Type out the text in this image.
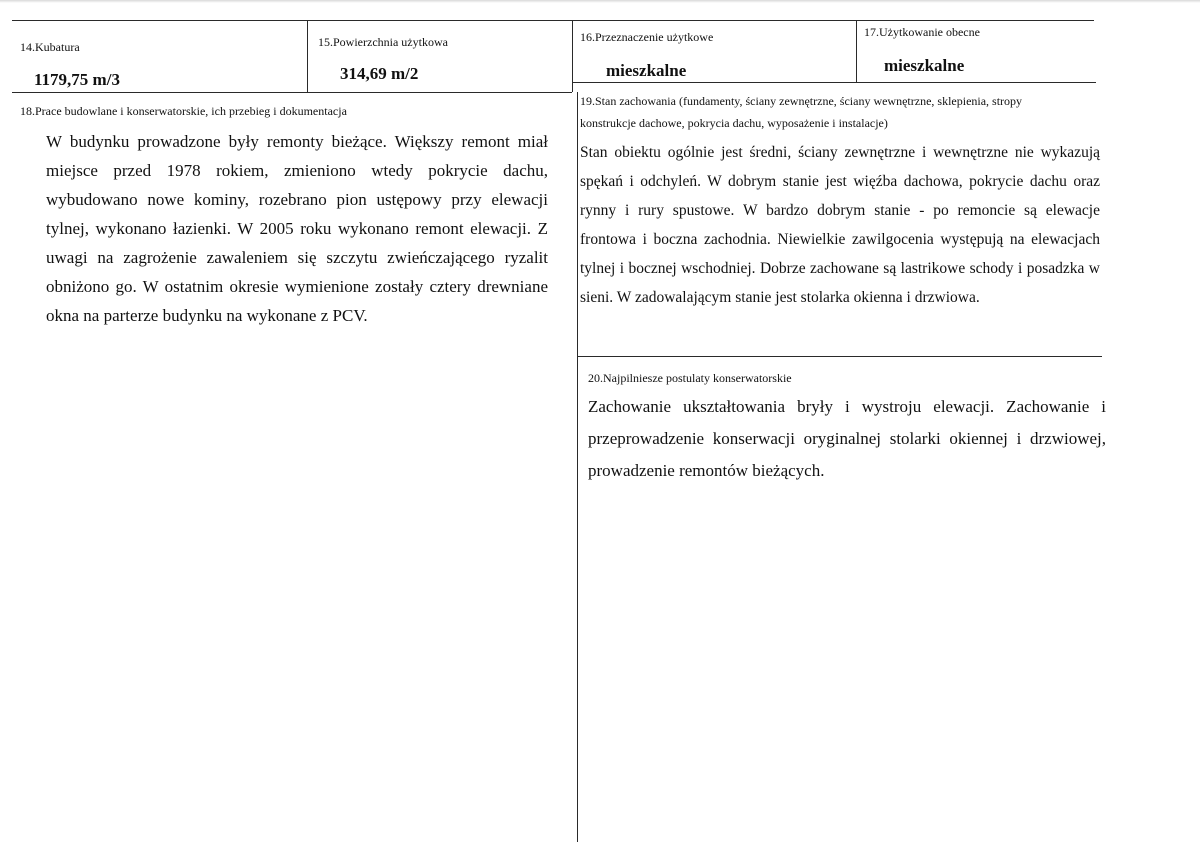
14.Kubatura
1179,75 m/3
15.Powierzchnia użytkowa
314,69 m/2
16.Przeznaczenie użytkowe
mieszkalne
17.Użytkowanie obecne
mieszkalne
18.Prace budowlane i konserwatorskie, ich przebieg i dokumentacja
W budynku prowadzone były remonty bieżące. Większy remont miał miejsce przed 1978 rokiem, zmieniono wtedy pokrycie dachu, wybudowano nowe kominy, rozebrano pion ustępowy przy elewacji tylnej, wykonano łazienki. W 2005 roku wykonano remont elewacji. Z uwagi na zagrożenie zawaleniem się szczytu zwieńczającego ryzalit obniżono go. W ostatnim okresie wymienione zostały cztery drewniane okna na parterze budynku na wykonane z PCV.
19.Stan zachowania (fundamenty, ściany zewnętrzne, ściany wewnętrzne, sklepienia, stropy
konstrukcje dachowe, pokrycia dachu, wyposażenie i instalacje)
Stan obiektu ogólnie jest średni, ściany zewnętrzne i wewnętrzne nie wykazują spękań i odchyleń. W dobrym stanie jest więźba dachowa, pokrycie dachu oraz rynny i rury spustowe. W bardzo dobrym stanie - po remoncie są elewacje frontowa i boczna zachodnia. Niewielkie zawilgocenia występują na elewacjach tylnej i bocznej wschodniej. Dobrze zachowane są lastrikowe schody i posadzka w sieni. W zadowalającym stanie jest stolarka okienna i drzwiowa.
20.Najpilniesze postulaty konserwatorskie
Zachowanie ukształtowania bryły i wystroju elewacji. Zachowanie i przeprowadzenie konserwacji oryginalnej stolarki okiennej i drzwiowej, prowadzenie remontów bieżących.
